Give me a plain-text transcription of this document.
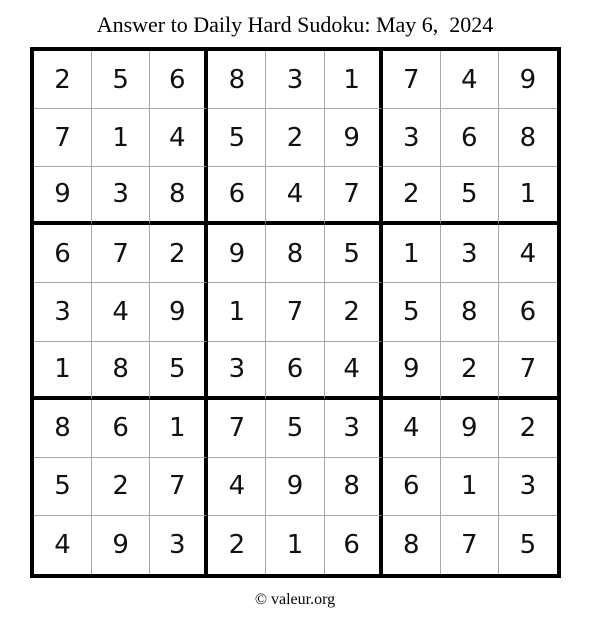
Answer to Daily Hard Sudoku: May 6,  2024
2	5	6	8	3	1	7	4	9
7	1	4	5	2	9	3	6	8
9	3	8	6	4	7	2	5	1
6	7	2	9	8	5	1	3	4
3	4	9	1	7	2	5	8	6
1	8	5	3	6	4	9	2	7
8	6	1	7	5	3	4	9	2
5	2	7	4	9	8	6	1	3
4	9	3	2	1	6	8	7	5
© valeur.org
